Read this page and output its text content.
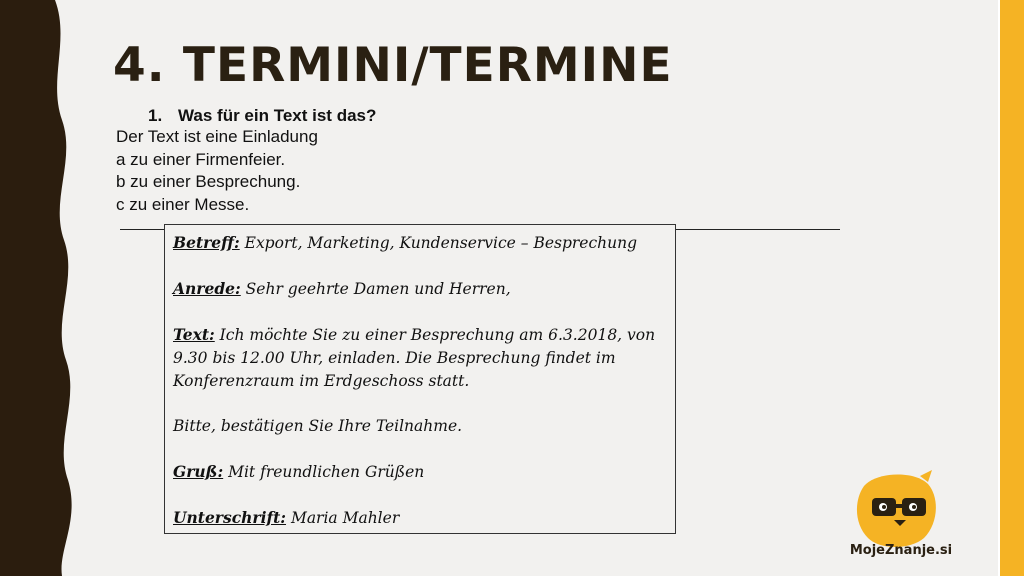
4. TERMINI/TERMINE
1. Was für ein Text ist das?
Der Text ist eine Einladung
a zu einer Firmenfeier.
b zu einer Besprechung.
c zu einer Messe.

Betreff: Export, Marketing, Kundenservice – Besprechung

Anrede: Sehr geehrte Damen und Herren,

Text: Ich möchte Sie zu einer Besprechung am 6.3.2018, von 9.30 bis 12.00 Uhr, einladen. Die Besprechung findet im Konferenzraum im Erdgeschoss statt.

Bitte, bestätigen Sie Ihre Teilnahme.

Gruß: Mit freundlichen Grüßen

Unterschrift: Maria Mahler

MojeZnanje.si
